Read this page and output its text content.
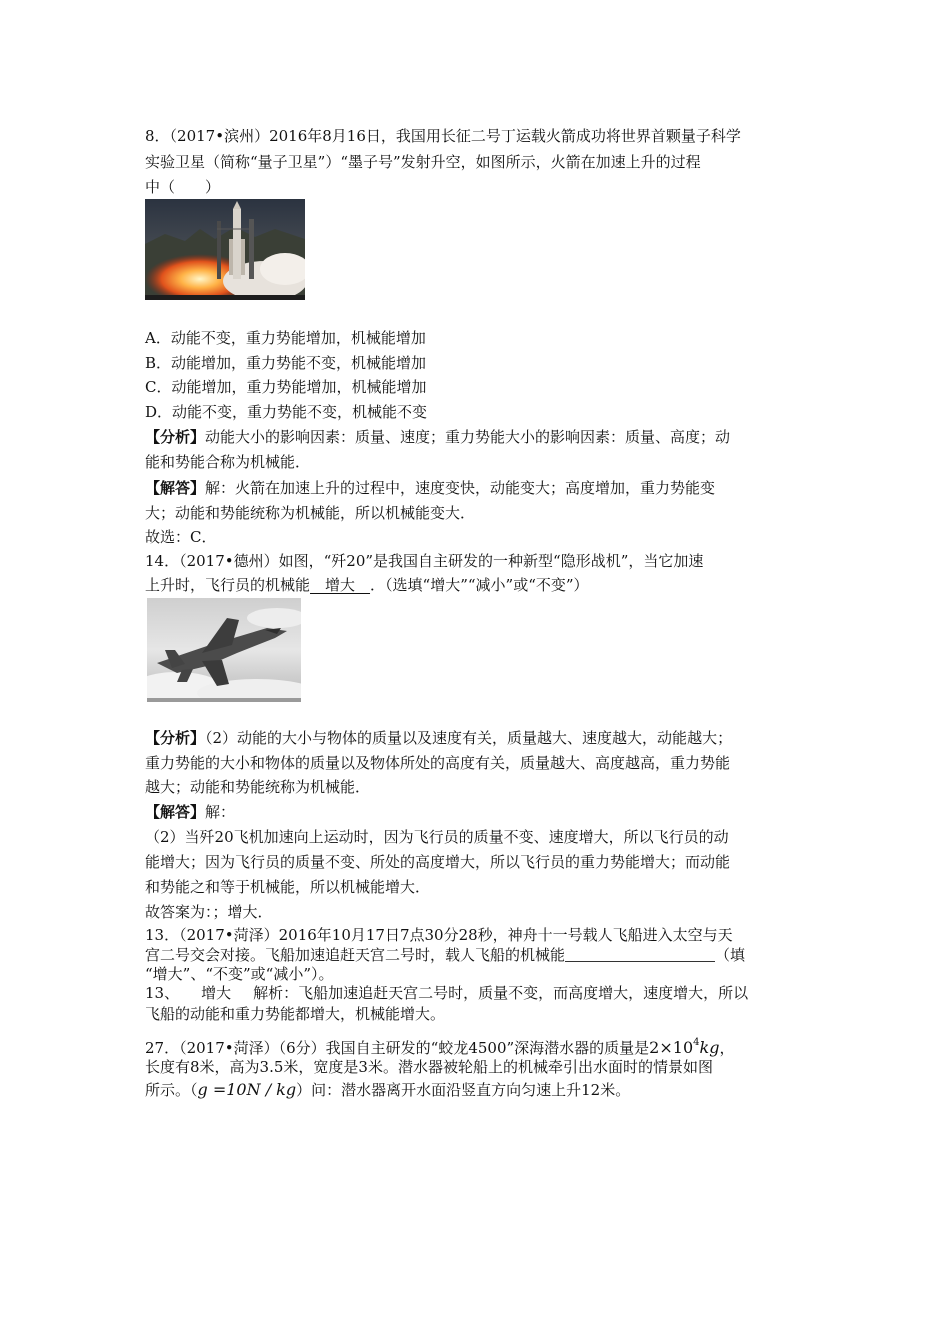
8．（2017•滨州）2016年8月16日，我国用长征二号丁运载火箭成功将世界首颗量子科学
实验卫星（简称“量子卫星”）“墨子号”发射升空，如图所示，火箭在加速上升的过程
中（　　）
A．动能不变，重力势能增加，机械能增加
B．动能增加，重力势能不变，机械能增加
C．动能增加，重力势能增加，机械能增加
D．动能不变，重力势能不变，机械能不变
【分析】动能大小的影响因素：质量、速度；重力势能大小的影响因素：质量、高度；动
能和势能合称为机械能．
【解答】解：火箭在加速上升的过程中，速度变快，动能变大；高度增加，重力势能变
大；动能和势能统称为机械能，所以机械能变大．
故选：C．
14．（2017•德州）如图，“歼20”是我国自主研发的一种新型“隐形战机”，当它加速
上升时，飞行员的机械能　增大　．（选填“增大”“减小”或“不变”）
【分析】（2）动能的大小与物体的质量以及速度有关，质量越大、速度越大，动能越大；
重力势能的大小和物体的质量以及物体所处的高度有关，质量越大、高度越高，重力势能
越大；动能和势能统称为机械能．
【解答】解：
（2）当歼20飞机加速向上运动时，因为飞行员的质量不变、速度增大，所以飞行员的动
能增大；因为飞行员的质量不变、所处的高度增大，所以飞行员的重力势能增大；而动能
和势能之和等于机械能，所以机械能增大．
故答案为：；增大．
13．（2017•菏泽）2016年10月17日7点30分28秒，神舟十一号载人飞船进入太空与天
宫二号交会对接。飞船加速追赶天宫二号时，载人飞船的机械能	（填
“增大”、“不变”或“减小”）。
13、 增大 解析：飞船加速追赶天宫二号时，质量不变，而高度增大，速度增大，所以
飞船的动能和重力势能都增大，机械能增大。
27．（2017•菏泽）（6分）我国自主研发的“蛟龙4500”深海潜水器的质量是$2\times 10^4kg$，
长度有8米，高为3.5米，宽度是3米。潜水器被轮船上的机械牵引出水面时的情景如图
所示。（g =10N / kg）问：潜水器离开水面沿竖直方向匀速上升12米。
